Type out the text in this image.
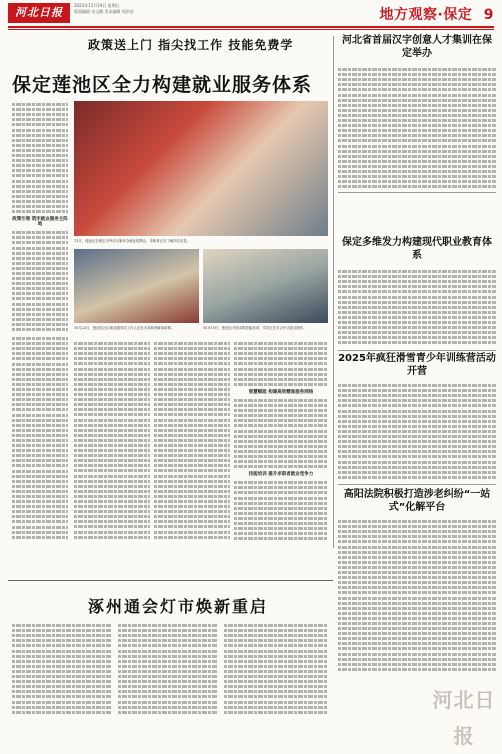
河北日报
2023年11月19日 星期日
版面编辑 宋文静 美术编辑 周洪雷	地方观察·保定 9
政策送上门 指尖找工作 技能免费学
保定莲池区全力构建就业服务体系
政策引领 筑牢就业服务主阵地
11月，莲池区在保定市劳动大厦举办就业招聘会，求职者正在了解岗位信息。
10月23日，莲池区社区就业服务站工作人员在为求职者解读政策。	10月19日，莲池区开展求职技能培训，学员正在学习中式面点制作。
智慧赋能 构建高效精准服务网络
技能培训 提升求职者就业竞争力
河北省首届汉字创意人才集训在保定举办
保定多维发力构建现代职业教育体系
2025年疯狂滑雪青少年训练营活动开营
高阳法院积极打造涉老纠纷“一站式”化解平台
涿州通会灯市焕新重启
河北日报
